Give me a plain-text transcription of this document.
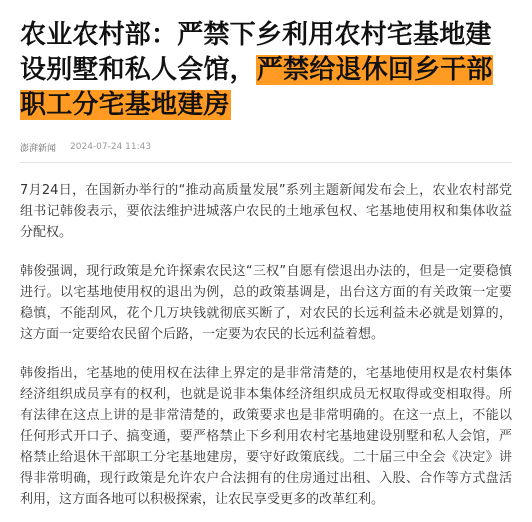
农业农村部：严禁下乡利用农村宅基地建设别墅和私人会馆，严禁给退休回乡干部职工分宅基地建房
澎湃新闻 2024-07-24 11:43

7月24日，在国新办举行的“推动高质量发展”系列主题新闻发布会上，农业农村部党组书记韩俊表示，要依法维护进城落户农民的土地承包权、宅基地使用权和集体收益分配权。

韩俊强调，现行政策是允许探索农民这“三权”自愿有偿退出办法的，但是一定要稳慎进行。以宅基地使用权的退出为例，总的政策基调是，出台这方面的有关政策一定要稳慎，不能刮风，花个几万块钱就彻底买断了，对农民的长远利益未必就是划算的，这方面一定要给农民留个后路，一定要为农民的长远利益着想。

韩俊指出，宅基地的使用权在法律上界定的是非常清楚的，宅基地使用权是农村集体经济组织成员享有的权利，也就是说非本集体经济组织成员无权取得或变相取得。所有法律在这点上讲的是非常清楚的，政策要求也是非常明确的。在这一点上，不能以任何形式开口子、搞变通，要严格禁止下乡利用农村宅基地建设别墅和私人会馆，严格禁止给退休干部职工分宅基地建房，要守好政策底线。二十届三中全会《决定》讲得非常明确，现行政策是允许农户合法拥有的住房通过出租、入股、合作等方式盘活利用，这方面各地可以积极探索，让农民享受更多的改革红利。
